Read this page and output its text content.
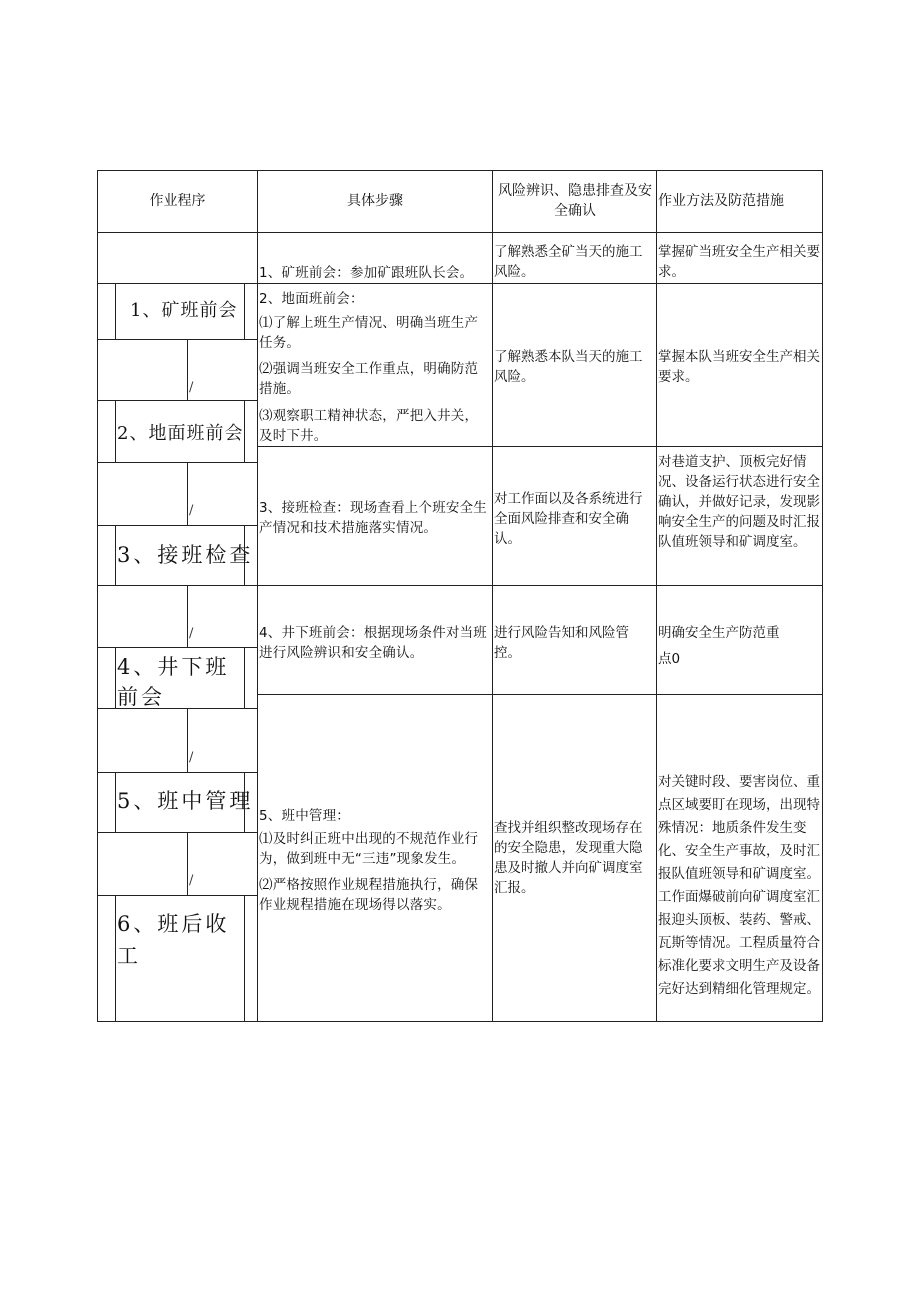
作业程序	具体步骤
风险辨识、隐患排查及安全确认
作业方法及防范措施
1、矿班前会
2、地面班前会
3、接班检查
4、井下班前会
5、班中管理
6、班后收工
/
/
/
/
/
1、矿班前会：参加矿跟班队长会。
了解熟悉全矿当天的施工风险。
掌握矿当班安全生产相关要求。
2、地面班前会：
⑴了解上班生产情况、明确当班生产任务。
⑵强调当班安全工作重点，明确防范措施。
⑶观察职工精神状态，严把入井关，及时下井。
了解熟悉本队当天的施工风险。
掌握本队当班安全生产相关要求。
3、接班检查：现场查看上个班安全生产情况和技术措施落实情况。
对工作面以及各系统进行全面风险排查和安全确认。
对巷道支护、顶板完好情况、设备运行状态进行安全确认，并做好记录，发现影响安全生产的问题及时汇报队值班领导和矿调度室。
4、井下班前会：根据现场条件对当班进行风险辨识和安全确认。
进行风险告知和风险管控。
明确安全生产防范重点0
5、班中管理：
⑴及时纠正班中出现的不规范作业行为，做到班中无“三违”现象发生。
⑵严格按照作业规程措施执行，确保作业规程措施在现场得以落实。
查找并组织整改现场存在的安全隐患，发现重大隐患及时撤人并向矿调度室汇报。
对关键时段、要害岗位、重点区域要盯在现场，出现特殊情况：地质条件发生变化、安全生产事故，及时汇报队值班领导和矿调度室。工作面爆破前向矿调度室汇报迎头顶板、装药、警戒、瓦斯等情况。工程质量符合标准化要求文明生产及设备完好达到精细化管理规定。
